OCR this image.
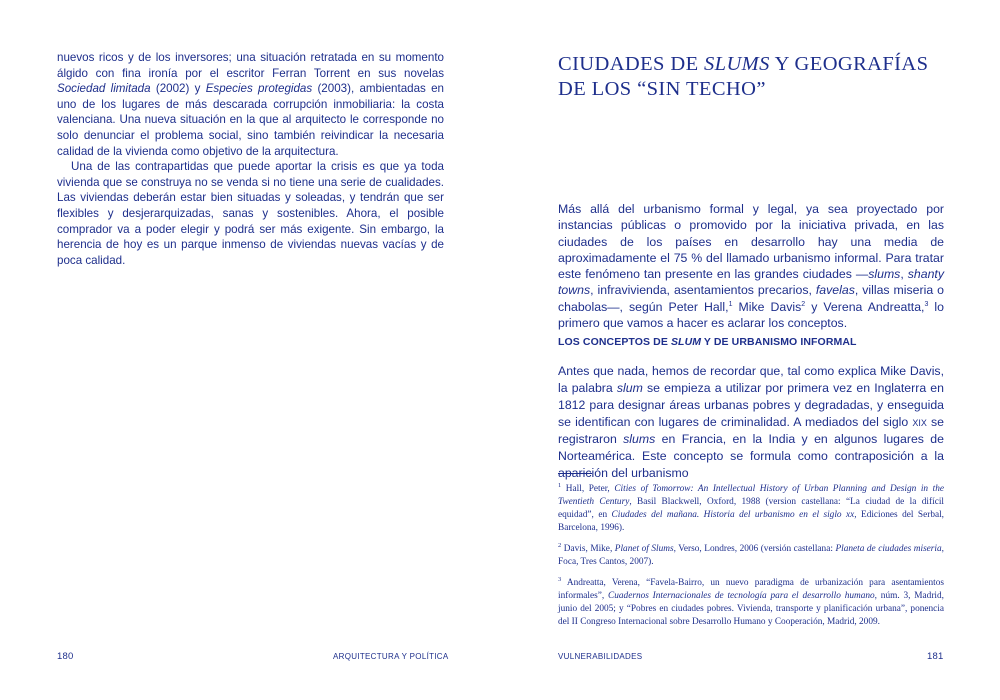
nuevos ricos y de los inversores; una situación retratada en su momento álgido con fina ironía por el escritor Ferran Torrent en sus novelas Sociedad limitada (2002) y Especies protegidas (2003), ambientadas en uno de los lugares de más descarada corrupción inmobiliaria: la costa valenciana. Una nueva situación en la que al arquitecto le corresponde no solo denunciar el problema social, sino también reivindicar la necesaria calidad de la vivienda como objetivo de la arquitectura.

Una de las contrapartidas que puede aportar la crisis es que ya toda vivienda que se construya no se venda si no tiene una serie de cualidades. Las viviendas deberán estar bien situadas y soleadas, y tendrán que ser flexibles y desjerarquizadas, sanas y sostenibles. Ahora, el posible comprador va a poder elegir y podrá ser más exigente. Sin embargo, la herencia de hoy es un parque inmenso de viviendas nuevas vacías y de poca calidad.

180	ARQUITECTURA Y POLÍTICA
CIUDADES DE SLUMS Y GEOGRAFÍAS DE LOS “SIN TECHO”

Más allá del urbanismo formal y legal, ya sea proyectado por instancias públicas o promovido por la iniciativa privada, en las ciudades de los países en desarrollo hay una media de aproximadamente el 75 % del llamado urbanismo informal. Para tratar este fenómeno tan presente en las grandes ciudades —slums, shanty towns, infravivienda, asentamientos precarios, favelas, villas miseria o chabolas—, según Peter Hall,$^1$ Mike Davis$^2$ y Verena Andreatta,$^3$ lo primero que vamos a hacer es aclarar los conceptos.

LOS CONCEPTOS DE SLUM Y DE URBANISMO INFORMAL

Antes que nada, hemos de recordar que, tal como explica Mike Davis, la palabra slum se empieza a utilizar por primera vez en Inglaterra en 1812 para designar áreas urbanas pobres y degradadas, y enseguida se identifican con lugares de criminalidad. A mediados del siglo xix se registraron slums en Francia, en la India y en algunos lugares de Norteamérica. Este concepto se formula como contraposición a la aparición del urbanismo

$^1$ Hall, Peter, Cities of Tomorrow: An Intellectual History of Urban Planning and Design in the Twentieth Century, Basil Blackwell, Oxford, 1988 (version castellana: “La ciudad de la difícil equidad”, en Ciudades del mañana. Historia del urbanismo en el siglo xx, Ediciones del Serbal, Barcelona, 1996).

$^2$ Davis, Mike, Planet of Slums, Verso, Londres, 2006 (versión castellana: Planeta de ciudades miseria, Foca, Tres Cantos, 2007).

$^3$ Andreatta, Verena, “Favela-Bairro, un nuevo paradigma de urbanización para asentamientos informales”, Cuadernos Internacionales de tecnología para el desarrollo humano, núm. 3, Madrid, junio del 2005; y “Pobres en ciudades pobres. Vivienda, transporte y planificación urbana”, ponencia del II Congreso Internacional sobre Desarrollo Humano y Cooperación, Madrid, 2009.

VULNERABILIDADES	181
